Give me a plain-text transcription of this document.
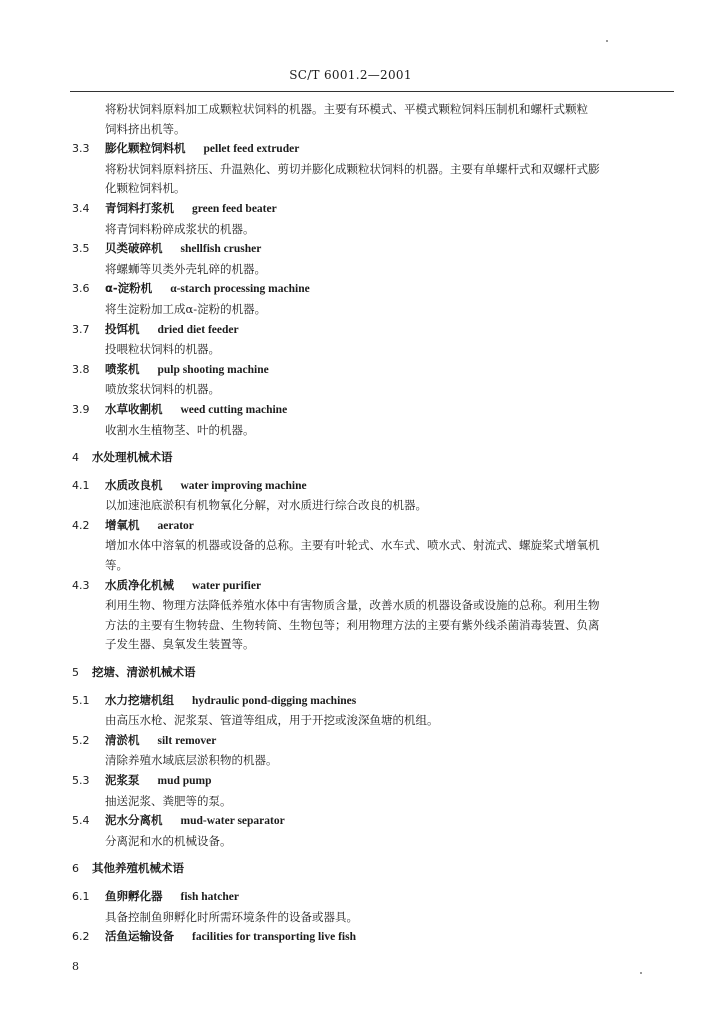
SC/T 6001.2—2001
将粉状饲料原料加工成颗粒状饲料的机器。主要有环模式、平模式颗粒饲料压制机和螺杆式颗粒
饲料挤出机等。
3.3	膨化颗粒饲料机 pellet feed extruder
将粉状饲料原料挤压、升温熟化、剪切并膨化成颗粒状饲料的机器。主要有单螺杆式和双螺杆式膨
化颗粒饲料机。
3.4	青饲料打浆机 green feed beater
将青饲料粉碎成浆状的机器。
3.5	贝类破碎机 shellfish crusher
将螺蛳等贝类外壳轧碎的机器。
3.6	α-淀粉机 α-starch processing machine
将生淀粉加工成α-淀粉的机器。
3.7	投饵机 dried diet feeder
投喂粒状饲料的机器。
3.8	喷浆机 pulp shooting machine
喷放浆状饲料的机器。
3.9	水草收割机 weed cutting machine
收割水生植物茎、叶的机器。
4	水处理机械术语
4.1	水质改良机 water improving machine
以加速池底淤积有机物氧化分解，对水质进行综合改良的机器。
4.2	增氧机 aerator
增加水体中溶氧的机器或设备的总称。主要有叶轮式、水车式、喷水式、射流式、螺旋桨式增氧机
等。
4.3	水质净化机械 water purifier
利用生物、物理方法降低养殖水体中有害物质含量，改善水质的机器设备或设施的总称。利用生物
方法的主要有生物转盘、生物转筒、生物包等；利用物理方法的主要有紫外线杀菌消毒装置、负离
子发生器、臭氧发生装置等。
5	挖塘、清淤机械术语
5.1	水力挖塘机组 hydraulic pond-digging machines
由高压水枪、泥浆泵、管道等组成，用于开挖或浚深鱼塘的机组。
5.2	清淤机 silt remover
清除养殖水域底层淤积物的机器。
5.3	泥浆泵 mud pump
抽送泥浆、粪肥等的泵。
5.4	泥水分离机 mud-water separator
分离泥和水的机械设备。
6	其他养殖机械术语
6.1	鱼卵孵化器 fish hatcher
具备控制鱼卵孵化时所需环境条件的设备或器具。
6.2	活鱼运输设备 facilities for transporting live fish
8
